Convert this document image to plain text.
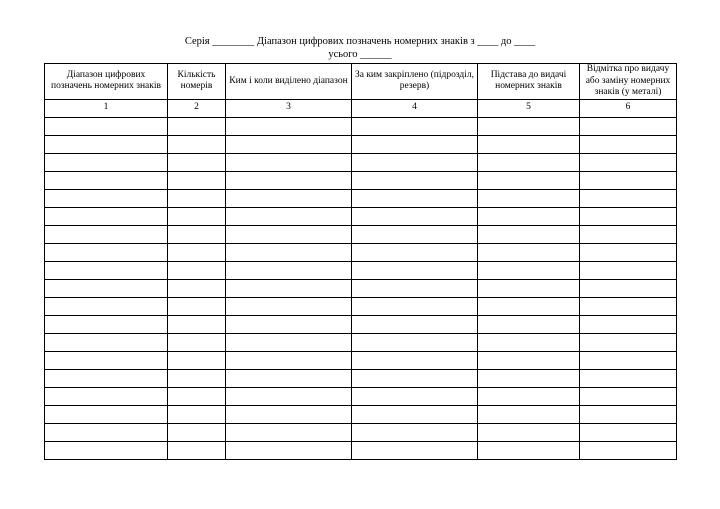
Серія ________ Діапазон цифрових позначень номерних знаків з ____ до ____
усього ______
Діапазон цифрових позначень номерних знаків	Кількість номерів	Ким і коли виділено діапазон	За ким закріплено (підрозділ, резерв)	Підстава до видачі номерних знаків	Відмітка про видачу або заміну номерних знаків (у металі)
1	2	3	4	5	6
